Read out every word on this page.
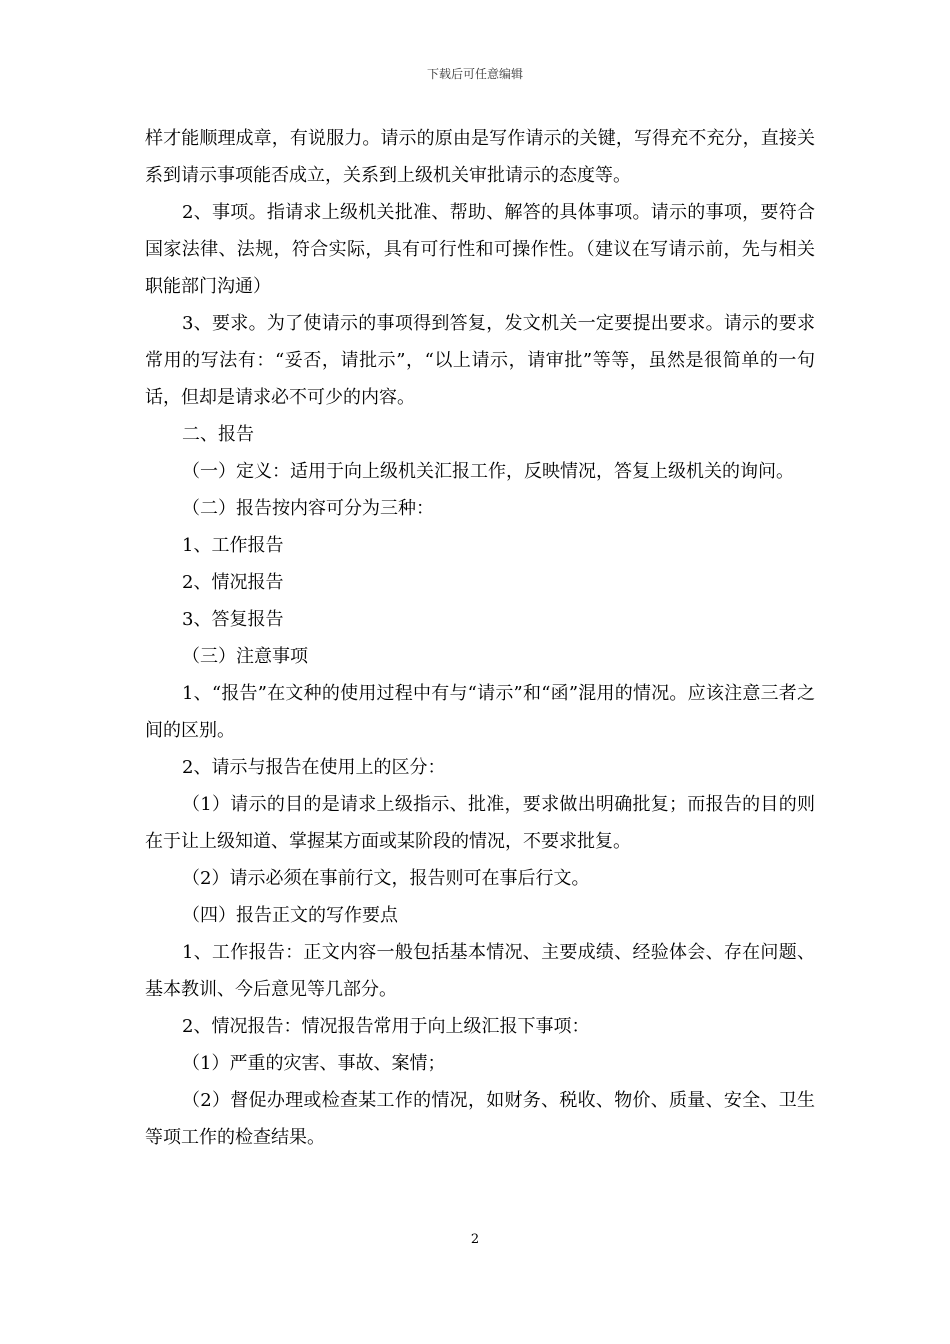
下载后可任意编辑

样才能顺理成章，有说服力。请示的原由是写作请示的关键，写得充不充分，直接关系到请示事项能否成立，关系到上级机关审批请示的态度等。

2、事项。指请求上级机关批准、帮助、解答的具体事项。请示的事项，要符合国家法律、法规，符合实际，具有可行性和可操作性。（建议在写请示前，先与相关职能部门沟通）

3、要求。为了使请示的事项得到答复，发文机关一定要提出要求。请示的要求常用的写法有：“妥否，请批示”，“以上请示，请审批”等等，虽然是很简单的一句话，但却是请求必不可少的内容。

二、报告

（一）定义：适用于向上级机关汇报工作，反映情况，答复上级机关的询问。

（二）报告按内容可分为三种：

1、工作报告

2、情况报告

3、答复报告

（三）注意事项

1、“报告”在文种的使用过程中有与“请示”和“函”混用的情况。应该注意三者之间的区别。

2、请示与报告在使用上的区分：

（1）请示的目的是请求上级指示、批准，要求做出明确批复；而报告的目的则在于让上级知道、掌握某方面或某阶段的情况，不要求批复。

（2）请示必须在事前行文，报告则可在事后行文。

（四）报告正文的写作要点

1、工作报告：正文内容一般包括基本情况、主要成绩、经验体会、存在问题、基本教训、今后意见等几部分。

2、情况报告：情况报告常用于向上级汇报下事项：

（1）严重的灾害、事故、案情；

（2）督促办理或检查某工作的情况，如财务、税收、物价、质量、安全、卫生等项工作的检查结果。

2
